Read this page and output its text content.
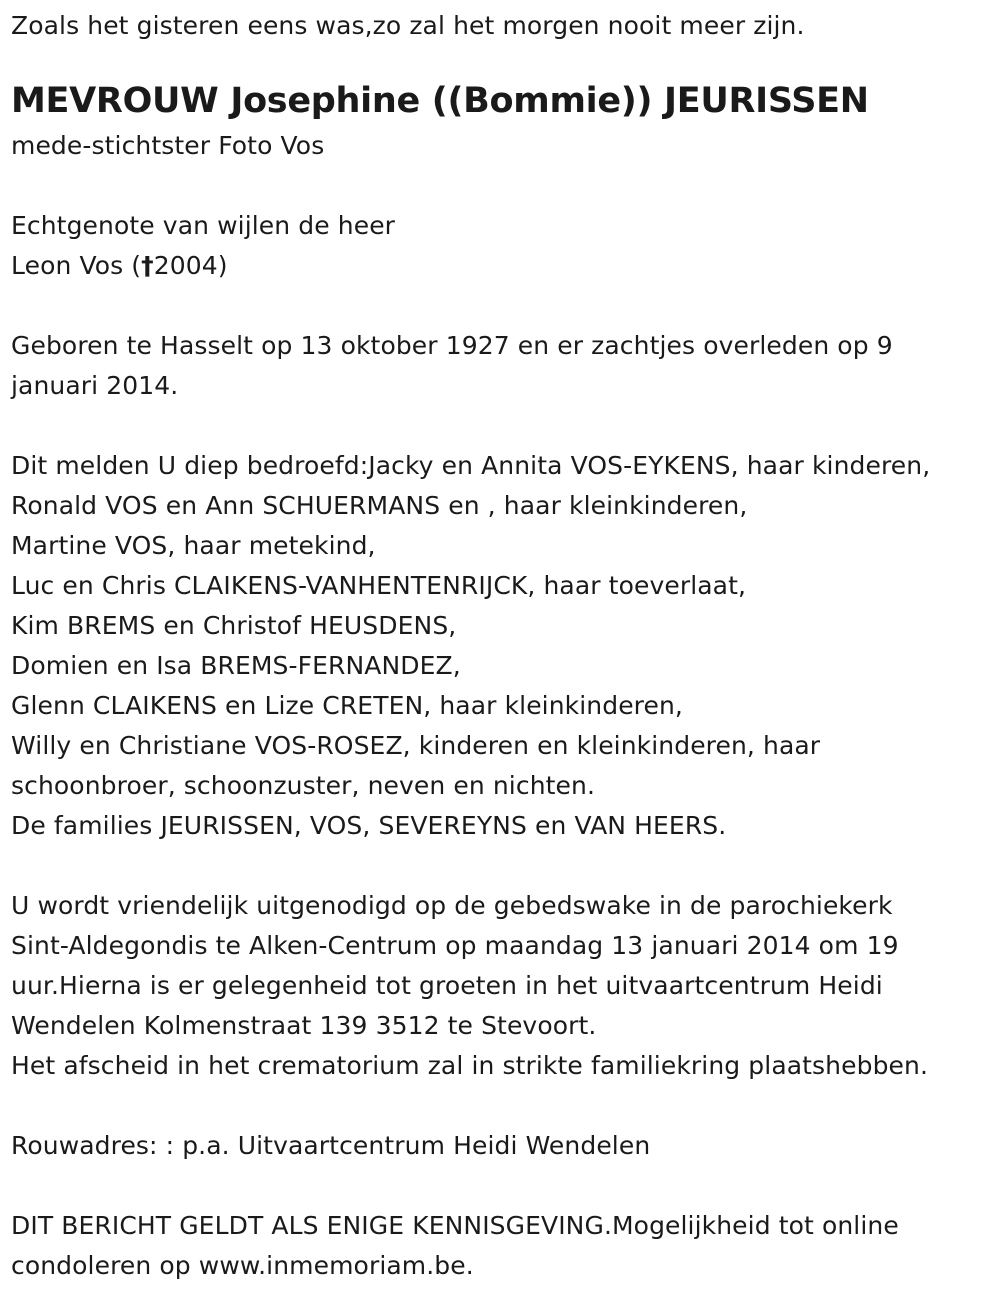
Zoals het gisteren eens was,zo zal het morgen nooit meer zijn.
MEVROUW Josephine ((Bommie)) JEURISSEN
mede-stichtster Foto Vos
Echtgenote van wijlen de heer
Leon Vos (†2004)
Geboren te Hasselt op 13 oktober 1927 en er zachtjes overleden op 9
januari 2014.
Dit melden U diep bedroefd:Jacky en Annita VOS-EYKENS, haar kinderen,
Ronald VOS en Ann SCHUERMANS en , haar kleinkinderen,
Martine VOS, haar metekind,
Luc en Chris CLAIKENS-VANHENTENRIJCK, haar toeverlaat,
Kim BREMS en Christof HEUSDENS,
Domien en Isa BREMS-FERNANDEZ,
Glenn CLAIKENS en Lize CRETEN, haar kleinkinderen,
Willy en Christiane VOS-ROSEZ, kinderen en kleinkinderen, haar
schoonbroer, schoonzuster, neven en nichten.
De families JEURISSEN, VOS, SEVEREYNS en VAN HEERS.
U wordt vriendelijk uitgenodigd op de gebedswake in de parochiekerk
Sint-Aldegondis te Alken-Centrum op maandag 13 januari 2014 om 19
uur.Hierna is er gelegenheid tot groeten in het uitvaartcentrum Heidi
Wendelen Kolmenstraat 139 3512 te Stevoort.
Het afscheid in het crematorium zal in strikte familiekring plaatshebben.
Rouwadres: : p.a. Uitvaartcentrum Heidi Wendelen
DIT BERICHT GELDT ALS ENIGE KENNISGEVING.Mogelijkheid tot online
condoleren op www.inmemoriam.be.
